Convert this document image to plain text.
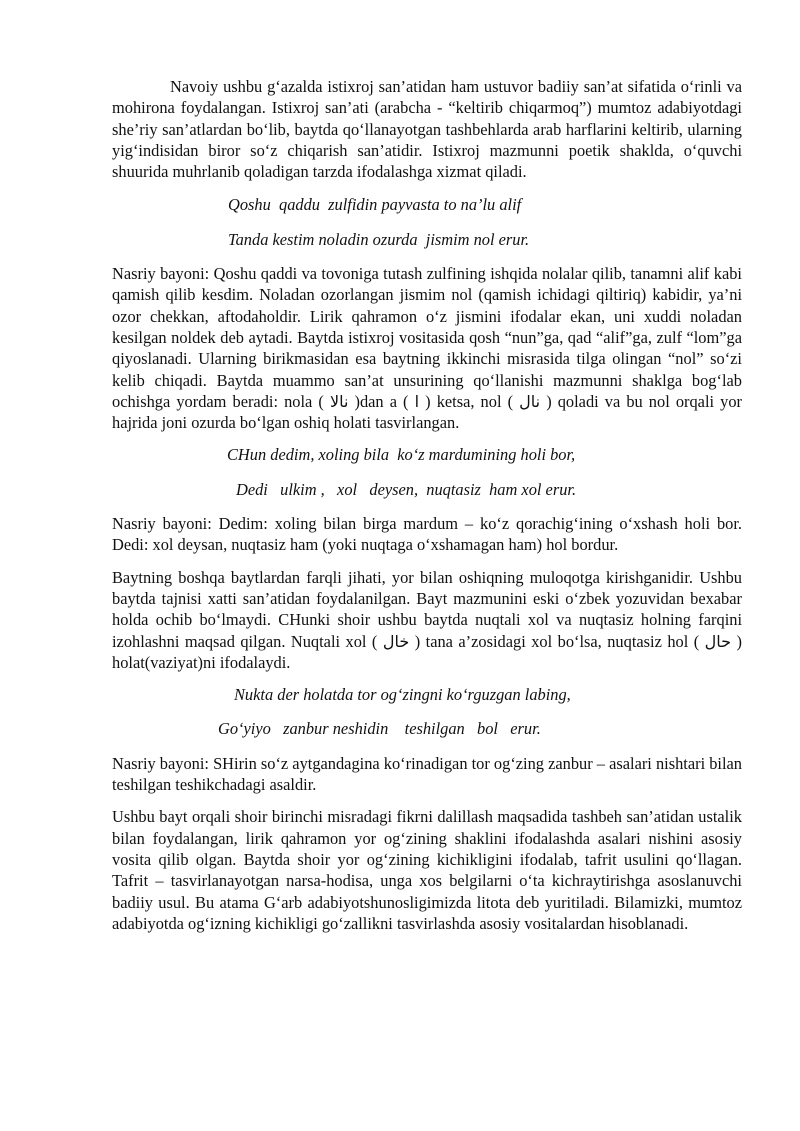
Navoiy ushbu g‘azalda istixroj san’atidan ham ustuvor badiiy san’at sifatida o‘rinli va mohirona foydalangan. Istixroj san’ati (arabcha - “keltirib chiqarmoq”) mumtoz adabiyotdagi she’riy san’atlardan bo‘lib, baytda qo‘llanayotgan tashbehlarda arab harflarini keltirib, ularning yig‘indisidan biror so‘z chiqarish san’atidir. Istixroj mazmunni poetik shaklda, o‘quvchi shuurida muhrlanib qoladigan tarzda ifodalashga xizmat qiladi.

Qoshu  qaddu  zulfidin payvasta to na’lu alif

Tanda kestim noladin ozurda  jismim nol erur.

Nasriy bayoni: Qoshu qaddi va tovoniga tutash zulfining ishqida nolalar qilib, tanamni alif kabi qamish qilib kesdim. Noladan ozorlangan jismim nol (qamish ichidagi qiltiriq) kabidir, ya’ni ozor chekkan, aftodaholdir. Lirik qahramon o‘z jismini ifodalar ekan, uni xuddi noladan kesilgan noldek deb aytadi. Baytda istixroj vositasida qosh “nun”ga, qad “alif”ga, zulf “lom”ga qiyoslanadi. Ularning birikmasidan esa baytning ikkinchi misrasida tilga olingan “nol” so‘zi kelib chiqadi. Baytda muammo san’at unsurining qo‘llanishi mazmunni shaklga bog‘lab ochishga yordam beradi: nola ( نالا )dan a ( ا ) ketsa, nol ( نال ) qoladi va bu nol orqali yor hajrida joni ozurda bo‘lgan oshiq holati tasvirlangan.

CHun dedim, xoling bila  ko‘z mardumining holi bor,

Dedi   ulkim ,   xol   deysen,  nuqtasiz  ham xol erur.

Nasriy bayoni: Dedim: xoling bilan birga mardum – ko‘z qorachig‘ining o‘xshash holi bor. Dedi: xol deysan, nuqtasiz ham (yoki nuqtaga o‘xshamagan ham) hol bordur.

Baytning boshqa baytlardan farqli jihati, yor bilan oshiqning muloqotga kirishganidir. Ushbu baytda tajnisi xatti san’atidan foydalanilgan. Bayt mazmunini eski o‘zbek yozuvidan bexabar holda ochib bo‘lmaydi. CHunki shoir ushbu baytda nuqtali xol va nuqtasiz holning farqini izohlashni maqsad qilgan. Nuqtali xol ( خال ) tana a’zosidagi xol bo‘lsa, nuqtasiz hol ( حال ) holat(vaziyat)ni ifodalaydi.

Nukta der holatda tor og‘zingni ko‘rguzgan labing,

Go‘yiyo   zanbur neshidin    teshilgan   bol   erur.

Nasriy bayoni: SHirin so‘z aytgandagina ko‘rinadigan tor og‘zing zanbur – asalari nishtari bilan teshilgan teshikchadagi asaldir.

Ushbu bayt orqali shoir birinchi misradagi fikrni dalillash maqsadida tashbeh san’atidan ustalik bilan foydalangan, lirik qahramon yor og‘zining shaklini ifodalashda asalari nishini asosiy vosita qilib olgan. Baytda shoir yor og‘zining kichikligini ifodalab, tafrit usulini qo‘llagan. Tafrit – tasvirlanayotgan narsa-hodisa, unga xos belgilarni o‘ta kichraytirishga asoslanuvchi badiiy usul. Bu atama G‘arb adabiyotshunosligimizda litota deb yuritiladi. Bilamizki, mumtoz adabiyotda og‘izning kichikligi go‘zallikni tasvirlashda asosiy vositalardan hisoblanadi.
